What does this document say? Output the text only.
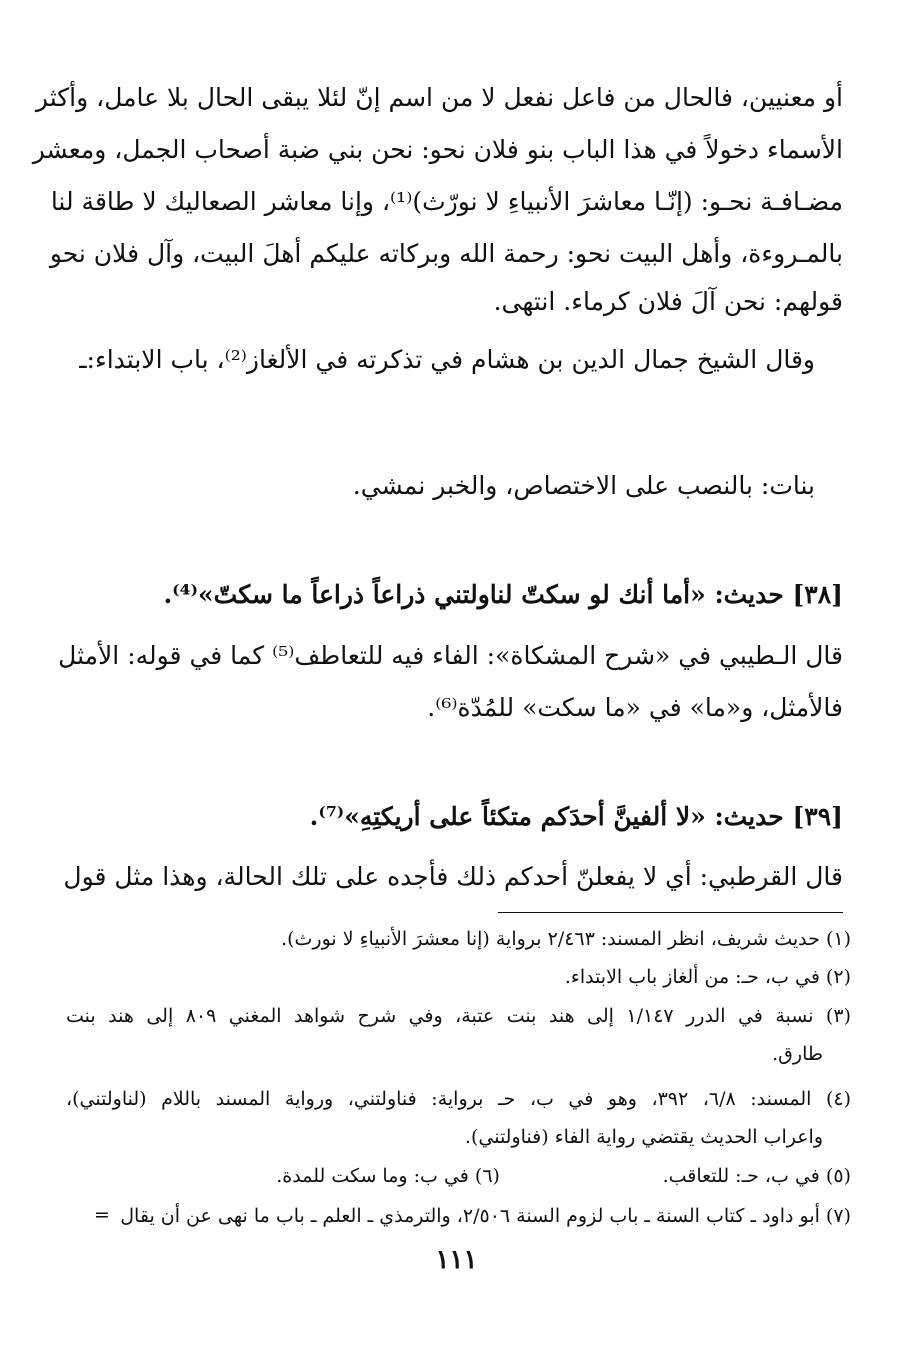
أو معنيين، فالحال من فاعل نفعل لا من اسم إنّ لئلا يبقى الحال بلا عامل، وأكثر
الأسماء دخولاً في هذا الباب بنو فلان نحو: نحن بني ضبة أصحاب الجمل، ومعشر
مضـافـة نحـو: (إنّـا معاشرَ الأنبياءِ لا نورّث)⁽¹⁾، وإنا معاشر الصعاليك لا طاقة لنا
بالمـروءة، وأهل البيت نحو: رحمة الله وبركاته عليكم أهلَ البيت، وآل فلان نحو
قولهم: نحن آلَ فلان كرماء. انتهى.
وقال الشيخ جمال الدين بن هشام في تذكرته في الألغاز⁽²⁾، باب الابتداء:ـ
بنات: بالنصب على الاختصاص، والخبر نمشي.
[٣٨] حديث: «أما أنك لو سكتّ لناولتني ذراعاً ذراعاً ما سكتّ»⁽⁴⁾.
قال الـطيبي في «شرح المشكاة»: الفاء فيه للتعاطف⁽⁵⁾ كما في قوله: الأمثل
فالأمثل، و«ما» في «ما سكت» للمُدّة⁽⁶⁾.
[٣٩] حديث: «لا ألفينَّ أحدَكم متكئاً على أريكتِهِ»⁽⁷⁾.
قال القرطبي: أي لا يفعلنّ أحدكم ذلك فأجده على تلك الحالة، وهذا مثل قول
(١) حديث شريف، انظر المسند: ٢/٤٦٣ برواية (إنا معشرَ الأنبياءِ لا نورث).
(٢) في ب، حـ: من ألغاز باب الابتداء.
(٣) نسبة في الدرر ١/١٤٧ إلى هند بنت عتبة، وفي شرح شواهد المغني ٨٠٩ إلى هند بنت
طارق.
(٤) المسند: ٦/٨، ٣٩٢، وهو في ب، حـ برواية: فناولتني، ورواية المسند باللام (لناولتني)،
واعراب الحديث يقتضي رواية الفاء (فناولتني).
(٥) في ب، حـ: للتعاقب. (٦) في ب: وما سكت للمدة.
(٧) أبو داود ـ كتاب السنة ـ باب لزوم السنة ٢/٥٠٦، والترمذي ـ العلم ـ باب ما نهى عن أن يقال
=
١١١
